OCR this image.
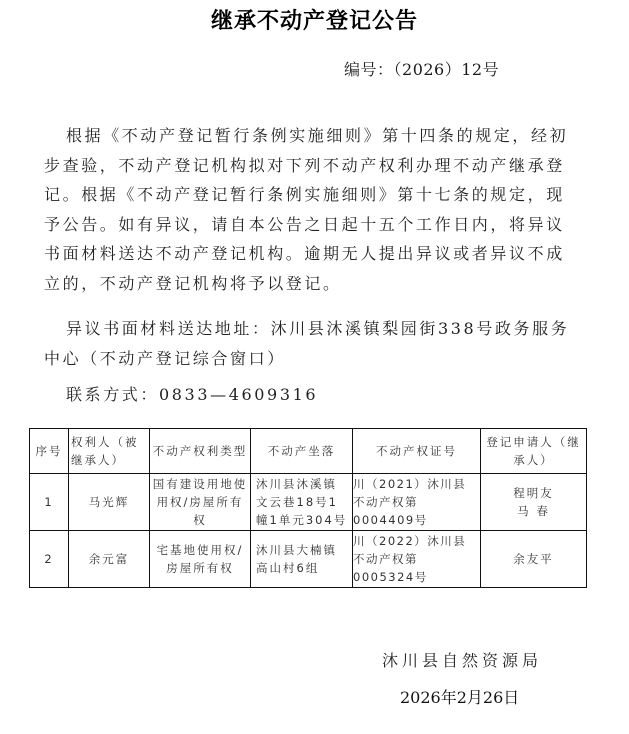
继承不动产登记公告
编号：（2026）12号
根据《不动产登记暂行条例实施细则》第十四条的规定，经初步查验，不动产登记机构拟对下列不动产权利办理不动产继承登记。根据《不动产登记暂行条例实施细则》第十七条的规定，现予公告。如有异议，请自本公告之日起十五个工作日内，将异议书面材料送达不动产登记机构。逾期无人提出异议或者异议不成立的，不动产登记机构将予以登记。
异议书面材料送达地址：沐川县沐溪镇梨园街338号政务服务中心（不动产登记综合窗口）
联系方式：0833—4609316
序号	权利人（被继承人）	不动产权利类型	不动产坐落	不动产权证号	登记申请人（继承人）
1	马光辉	国有建设用地使用权/房屋所有权	沐川县沐溪镇文云巷18号1幢1单元304号	川（2021）沐川县不动产权第0004409号	程明友
马 春

2	余元富	宅基地使用权/房屋所有权	沐川县大楠镇高山村6组	川（2022）沐川县不动产权第0005324号	余友平
沐川县自然资源局
2026年2月26日
